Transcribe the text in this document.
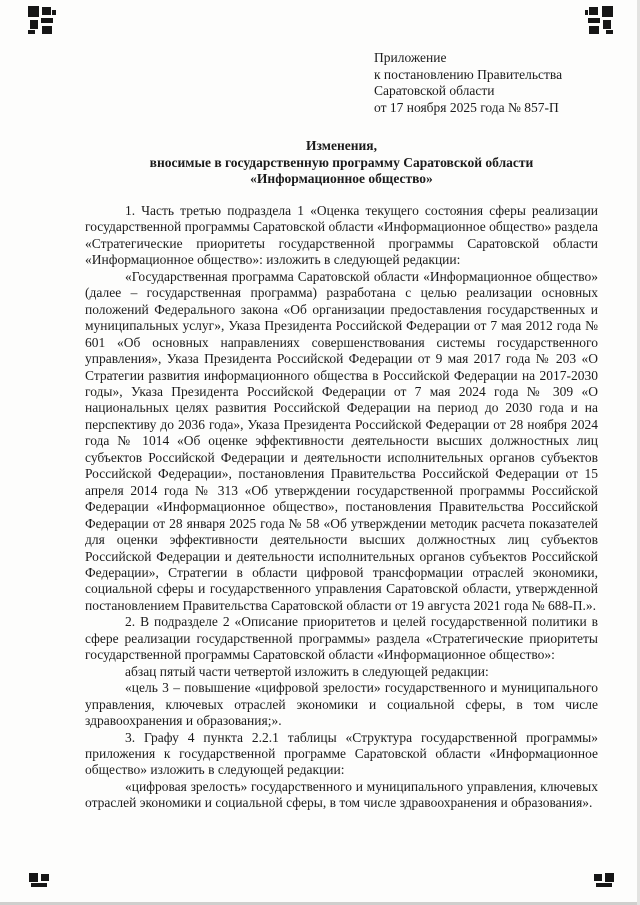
Приложение
к постановлению Правительства
Саратовской области
от 17 ноября 2025 года № 857-П
Изменения,
вносимые в государственную программу Саратовской области
«Информационное общество»

1. Часть третью подраздела 1 «Оценка текущего состояния сферы реализации государственной программы Саратовской области «Информационное общество» раздела «Стратегические приоритеты государственной программы Саратовской области «Информационное общество»: изложить в следующей редакции:

«Государственная программа Саратовской области «Информационное общество» (далее – государственная программа) разработана с целью реализации основных положений Федерального закона «Об организации предоставления государственных и муниципальных услуг», Указа Президента Российской Федерации от 7 мая 2012 года № 601 «Об основных направлениях совершенствования системы государственного управления», Указа Президента Российской Федерации от 9 мая 2017 года № 203 «О Стратегии развития информационного общества в Российской Федерации на 2017-2030 годы», Указа Президента Российской Федерации от 7 мая 2024 года № 309 «О национальных целях развития Российской Федерации на период до 2030 года и на перспективу до 2036 года», Указа Президента Российской Федерации от 28 ноября 2024 года № 1014 «Об оценке эффективности деятельности высших должностных лиц субъектов Российской Федерации и деятельности исполнительных органов субъектов Российской Федерации», постановления Правительства Российской Федерации от 15 апреля 2014 года № 313 «Об утверждении государственной программы Российской Федерации «Информационное общество», постановления Правительства Российской Федерации от 28 января 2025 года № 58 «Об утверждении методик расчета показателей для оценки эффективности деятельности высших должностных лиц субъектов Российской Федерации и деятельности исполнительных органов субъектов Российской Федерации», Стратегии в области цифровой трансформации отраслей экономики, социальной сферы и государственного управления Саратовской области, утвержденной постановлением Правительства Саратовской области от 19 августа 2021 года № 688-П.».

2. В подразделе 2 «Описание приоритетов и целей государственной политики в сфере реализации государственной программы» раздела «Стратегические приоритеты государственной программы Саратовской области «Информационное общество»:

абзац пятый части четвертой изложить в следующей редакции:

«цель 3 – повышение «цифровой зрелости» государственного и муниципального управления, ключевых отраслей экономики и социальной сферы, в том числе здравоохранения и образования;».

3. Графу 4 пункта 2.2.1 таблицы «Структура государственной программы» приложения к государственной программе Саратовской области «Информационное общество» изложить в следующей редакции:

«цифровая зрелость» государственного и муниципального управления, ключевых отраслей экономики и социальной сферы, в том числе здравоохранения и образования».
